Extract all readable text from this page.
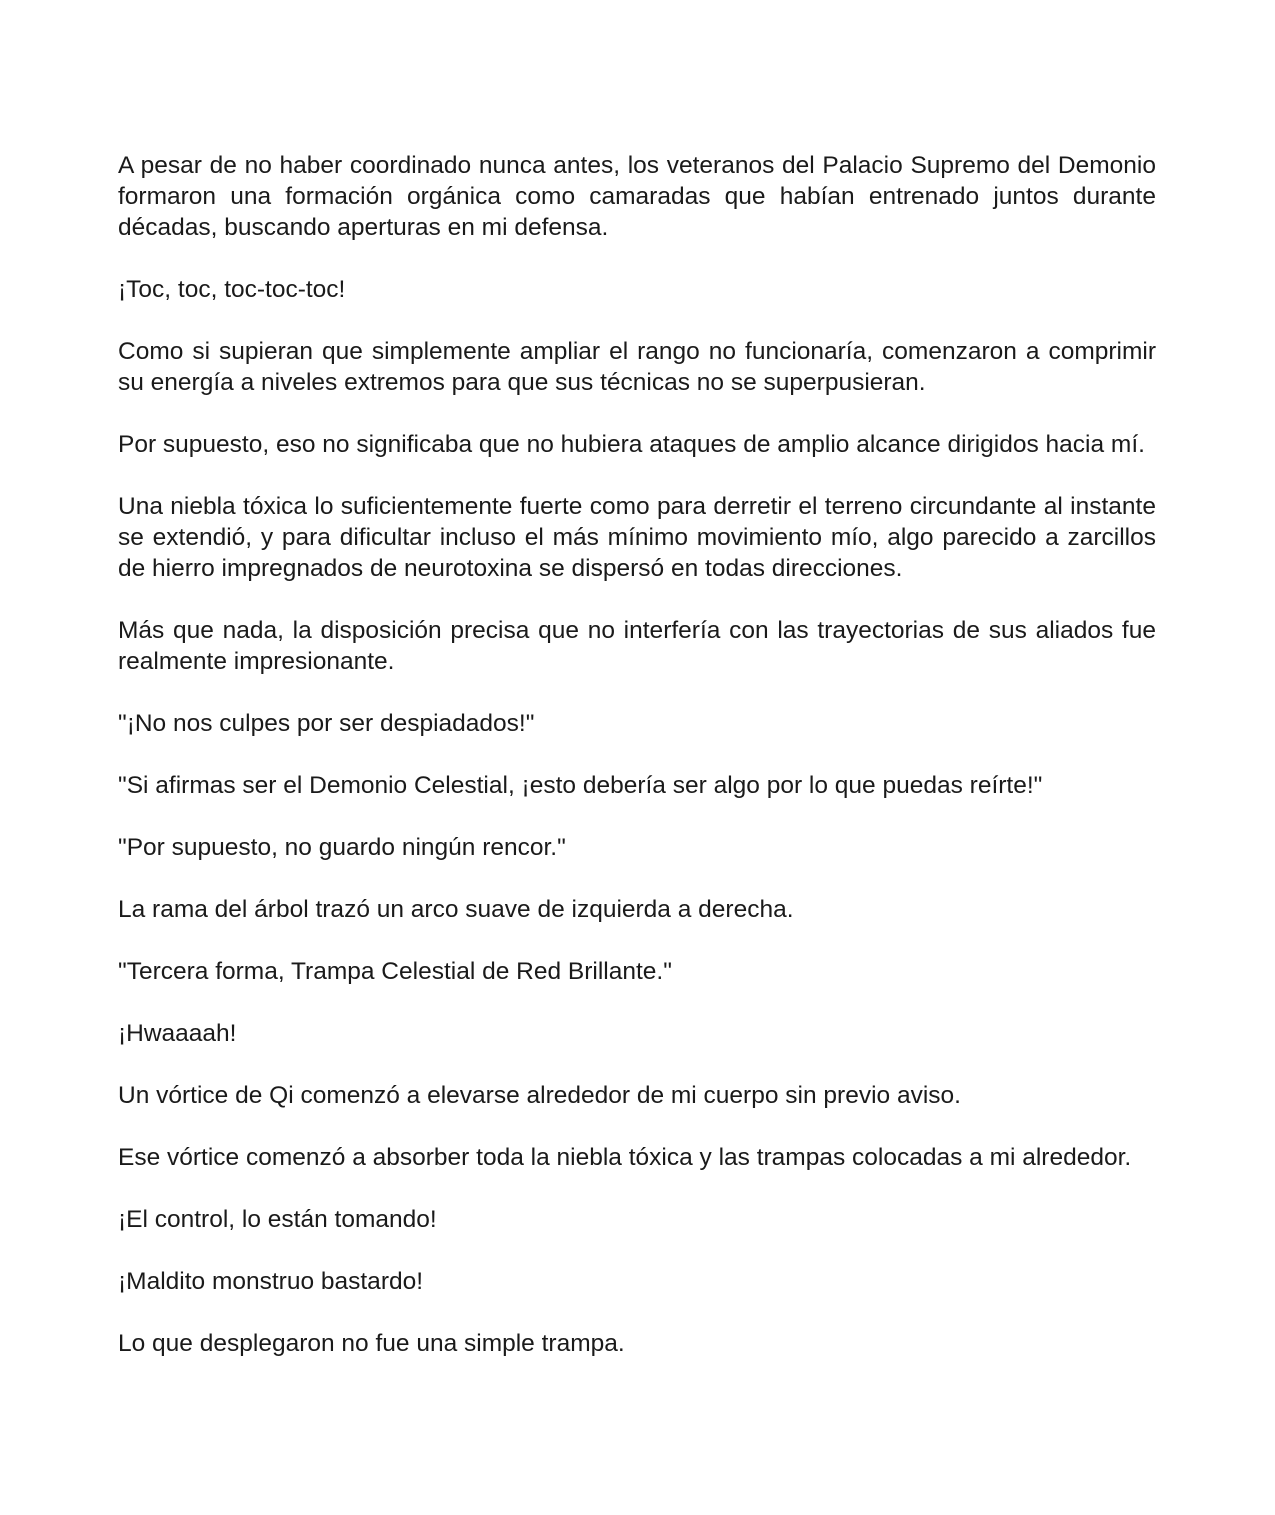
A pesar de no haber coordinado nunca antes, los veteranos del Palacio Supremo del Demonio formaron una formación orgánica como camaradas que habían entrenado juntos durante décadas, buscando aperturas en mi defensa.

¡Toc, toc, toc-toc-toc!

Como si supieran que simplemente ampliar el rango no funcionaría, comenzaron a comprimir su energía a niveles extremos para que sus técnicas no se superpusieran.

Por supuesto, eso no significaba que no hubiera ataques de amplio alcance dirigidos hacia mí.

Una niebla tóxica lo suficientemente fuerte como para derretir el terreno circundante al instante se extendió, y para dificultar incluso el más mínimo movimiento mío, algo parecido a zarcillos de hierro impregnados de neurotoxina se dispersó en todas direcciones.

Más que nada, la disposición precisa que no interfería con las trayectorias de sus aliados fue realmente impresionante.

"¡No nos culpes por ser despiadados!"

"Si afirmas ser el Demonio Celestial, ¡esto debería ser algo por lo que puedas reírte!"

"Por supuesto, no guardo ningún rencor."

La rama del árbol trazó un arco suave de izquierda a derecha.

"Tercera forma, Trampa Celestial de Red Brillante."

¡Hwaaaah!

Un vórtice de Qi comenzó a elevarse alrededor de mi cuerpo sin previo aviso.

Ese vórtice comenzó a absorber toda la niebla tóxica y las trampas colocadas a mi alrededor.

¡El control, lo están tomando!

¡Maldito monstruo bastardo!

Lo que desplegaron no fue una simple trampa.
